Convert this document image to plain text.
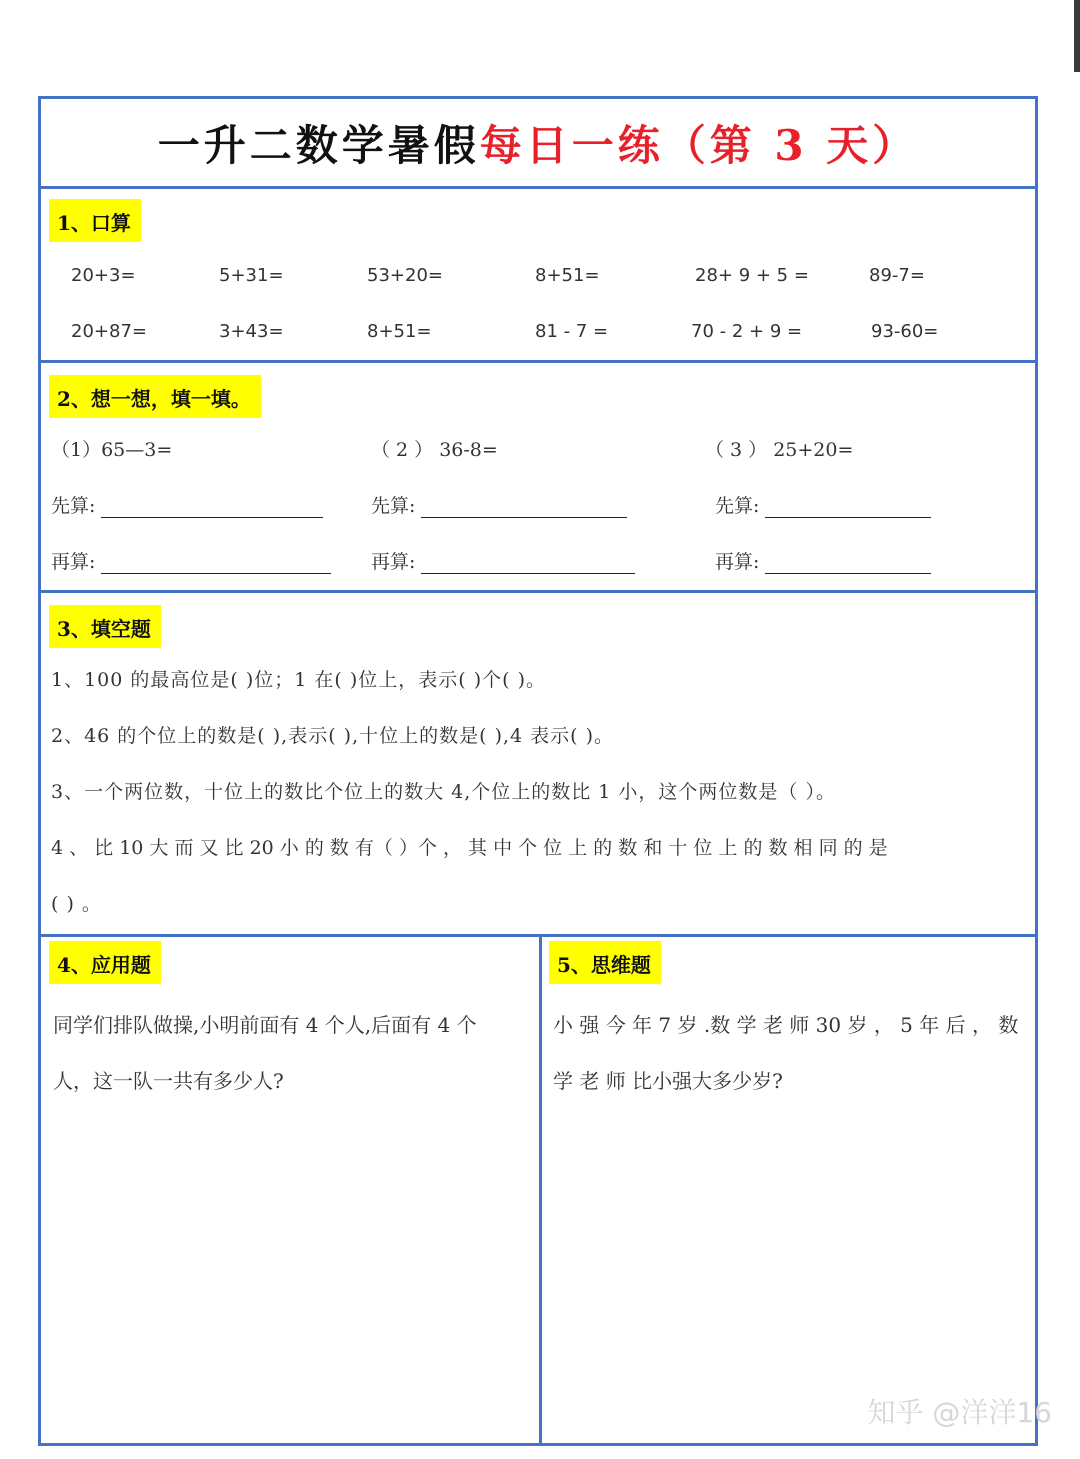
一升二数学暑假每日一练（第 3 天）
1、口算
20+3=	5+31=	53+20=	8+51=	28+ 9 + 5 =	89-7=
20+87=	3+43=	8+51=	81 - 7 =	70 - 2 + 9 =	93-60=
2、想一想，填一填。
（1）65—3=	（ 2 ） 36-8=	（ 3 ） 25+20=
先算:	先算:	先算:
再算:	再算:	再算:
3、填空题
1、100 的最高位是( )位；1 在( )位上，表示( )个( )。
2、46 的个位上的数是( ),表示( ),十位上的数是( ),4 表示( )。
3、一个两位数，十位上的数比个位上的数大 4,个位上的数比 1 小，这个两位数是（ ）。
4 、 比 10 大 而 又 比 20 小 的 数 有（ ）个 ， 其 中 个 位 上 的 数 和 十 位 上 的 数 相 同 的 是
( ) 。
4、应用题
同学们排队做操,小明前面有 4 个人,后面有 4 个
人，这一队一共有多少人?
5、思维题
小 强 今 年 7 岁 .数 学 老 师 30 岁 ， 5 年 后 ， 数
学 老 师 比小强大多少岁?
知乎 @洋洋16
